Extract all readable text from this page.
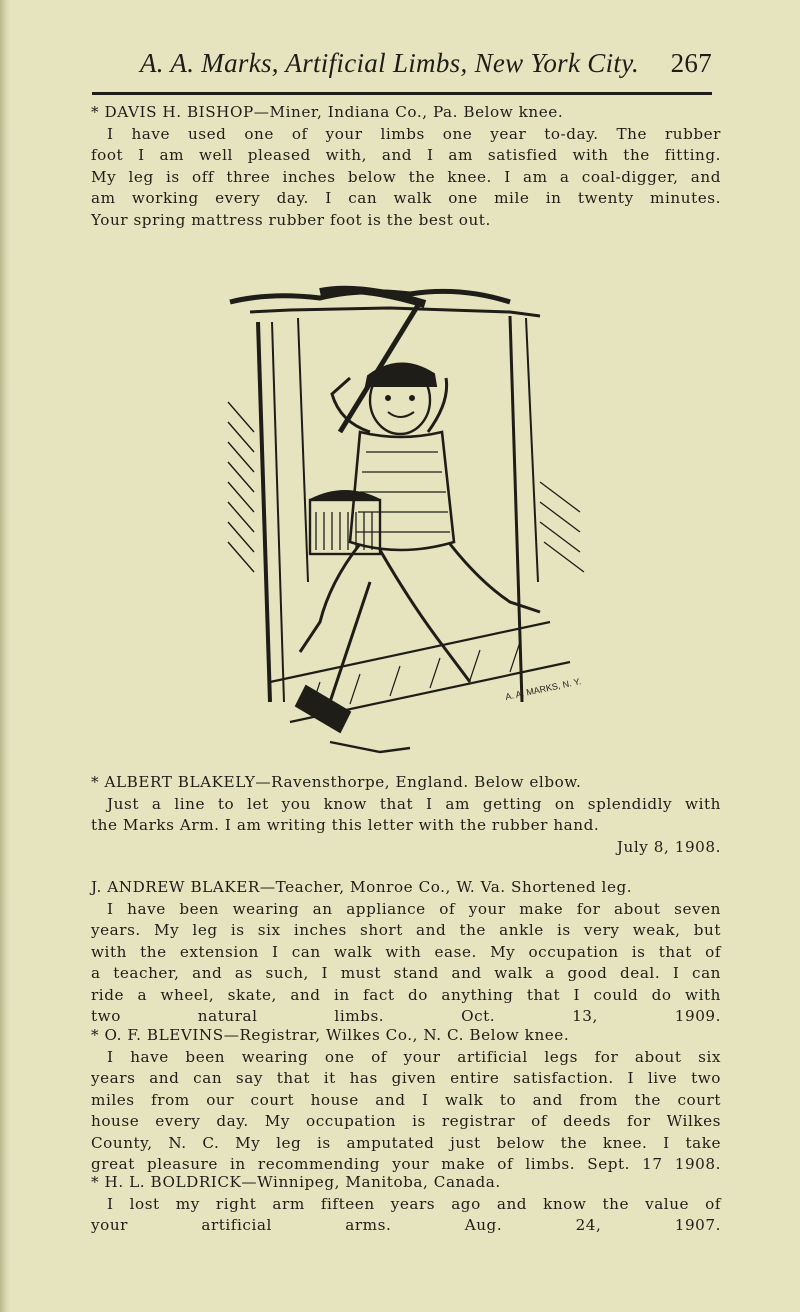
A. A. Marks, Artificial Limbs, New York City. 267

* DAVIS H. BISHOP—Miner, Indiana Co., Pa. Below knee.

I have used one of your limbs one year to-day. The rubber

foot I am well pleased with, and I am satisfied with the fitting.

My leg is off three inches below the knee. I am a coal-digger, and

am working every day. I can walk one mile in twenty minutes.

Your spring mattress rubber foot is the best out.

A. A. MARKS, N. Y.

* ALBERT BLAKELY—Ravensthorpe, England. Below elbow.

Just a line to let you know that I am getting on splendidly with

the Marks Arm. I am writing this letter with the rubber hand.

July 8, 1908.

J. ANDREW BLAKER—Teacher, Monroe Co., W. Va. Shortened leg.

I have been wearing an appliance of your make for about seven

years. My leg is six inches short and the ankle is very weak, but

with the extension I can walk with ease. My occupation is that of

a teacher, and as such, I must stand and walk a good deal. I can

ride a wheel, skate, and in fact do anything that I could do with

two natural limbs.	Oct. 13, 1909.

* O. F. BLEVINS—Registrar, Wilkes Co., N. C. Below knee.

I have been wearing one of your artificial legs for about six

years and can say that it has given entire satisfaction. I live two

miles from our court house and I walk to and from the court

house every day. My occupation is registrar of deeds for Wilkes

County, N. C. My leg is amputated just below the knee. I take

great pleasure in recommending your make of limbs. Sept. 17 1908.

* H. L. BOLDRICK—Winnipeg, Manitoba, Canada.

I lost my right arm fifteen years ago and know the value of

your artificial arms.	Aug. 24, 1907.
